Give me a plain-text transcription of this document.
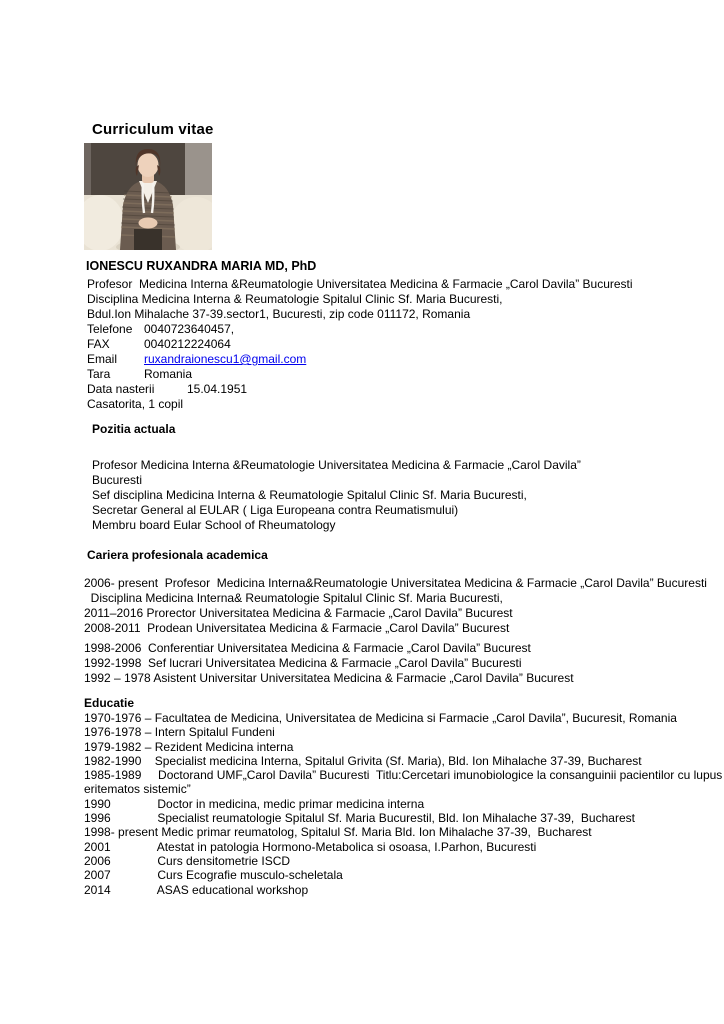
Curriculum vitae
IONESCU RUXANDRA MARIA MD, PhD
Profesor  Medicina Interna &Reumatologie Universitatea Medicina & Farmacie „Carol Davila” Bucuresti
Disciplina Medicina Interna & Reumatologie Spitalul Clinic Sf. Maria Bucuresti,
Bdul.Ion Mihalache 37-39.sector1, Bucuresti, zip code 011172, Romania
Telefone 0040723640457,
FAX	0040212224064
Email ruxandraionescu1@gmail.com
Tara	Romania
Data nasterii	15.04.1951
Casatorita, 1 copil
Pozitia actuala
Profesor Medicina Interna &Reumatologie Universitatea Medicina & Farmacie „Carol Davila”
Bucuresti
Sef disciplina Medicina Interna & Reumatologie Spitalul Clinic Sf. Maria Bucuresti,
Secretar General al EULAR ( Liga Europeana contra Reumatismului)
Membru board Eular School of Rheumatology
Cariera profesionala academica
2006- present  Profesor  Medicina Interna&Reumatologie Universitatea Medicina & Farmacie „Carol Davila” Bucuresti
Disciplina Medicina Interna& Reumatologie Spitalul Clinic Sf. Maria Bucuresti,
2011–2016 Prorector Universitatea Medicina & Farmacie „Carol Davila” Bucurest
2008-2011  Prodean Universitatea Medicina & Farmacie „Carol Davila” Bucurest
1998-2006  Conferentiar Universitatea Medicina & Farmacie „Carol Davila” Bucurest
1992-1998  Sef lucrari Universitatea Medicina & Farmacie „Carol Davila” Bucuresti
1992 – 1978 Asistent Universitar Universitatea Medicina & Farmacie „Carol Davila” Bucurest
Educatie
1970-1976 – Facultatea de Medicina, Universitatea de Medicina si Farmacie „Carol Davila”, Bucuresit, Romania
1976-1978 – Intern Spitalul Fundeni
1979-1982 – Rezident Medicina interna
1982-1990    Specialist medicina Interna, Spitalul Grivita (Sf. Maria), Bld. Ion Mihalache 37-39, Bucharest
1985-1989     Doctorand UMF„Carol Davila” Bucuresti  Titlu:Cercetari imunobiologice la consanguinii pacientilor cu lupus
eritematos sistemic”
1990              Doctor in medicina, medic primar medicina interna
1996              Specialist reumatologie Spitalul Sf. Maria Bucurestil, Bld. Ion Mihalache 37-39,  Bucharest
1998- present Medic primar reumatolog, Spitalul Sf. Maria Bld. Ion Mihalache 37-39,  Bucharest
2001              Atestat in patologia Hormono-Metabolica si osoasa, I.Parhon, Bucuresti
2006              Curs densitometrie ISCD
2007              Curs Ecografie musculo-scheletala
2014              ASAS educational workshop
